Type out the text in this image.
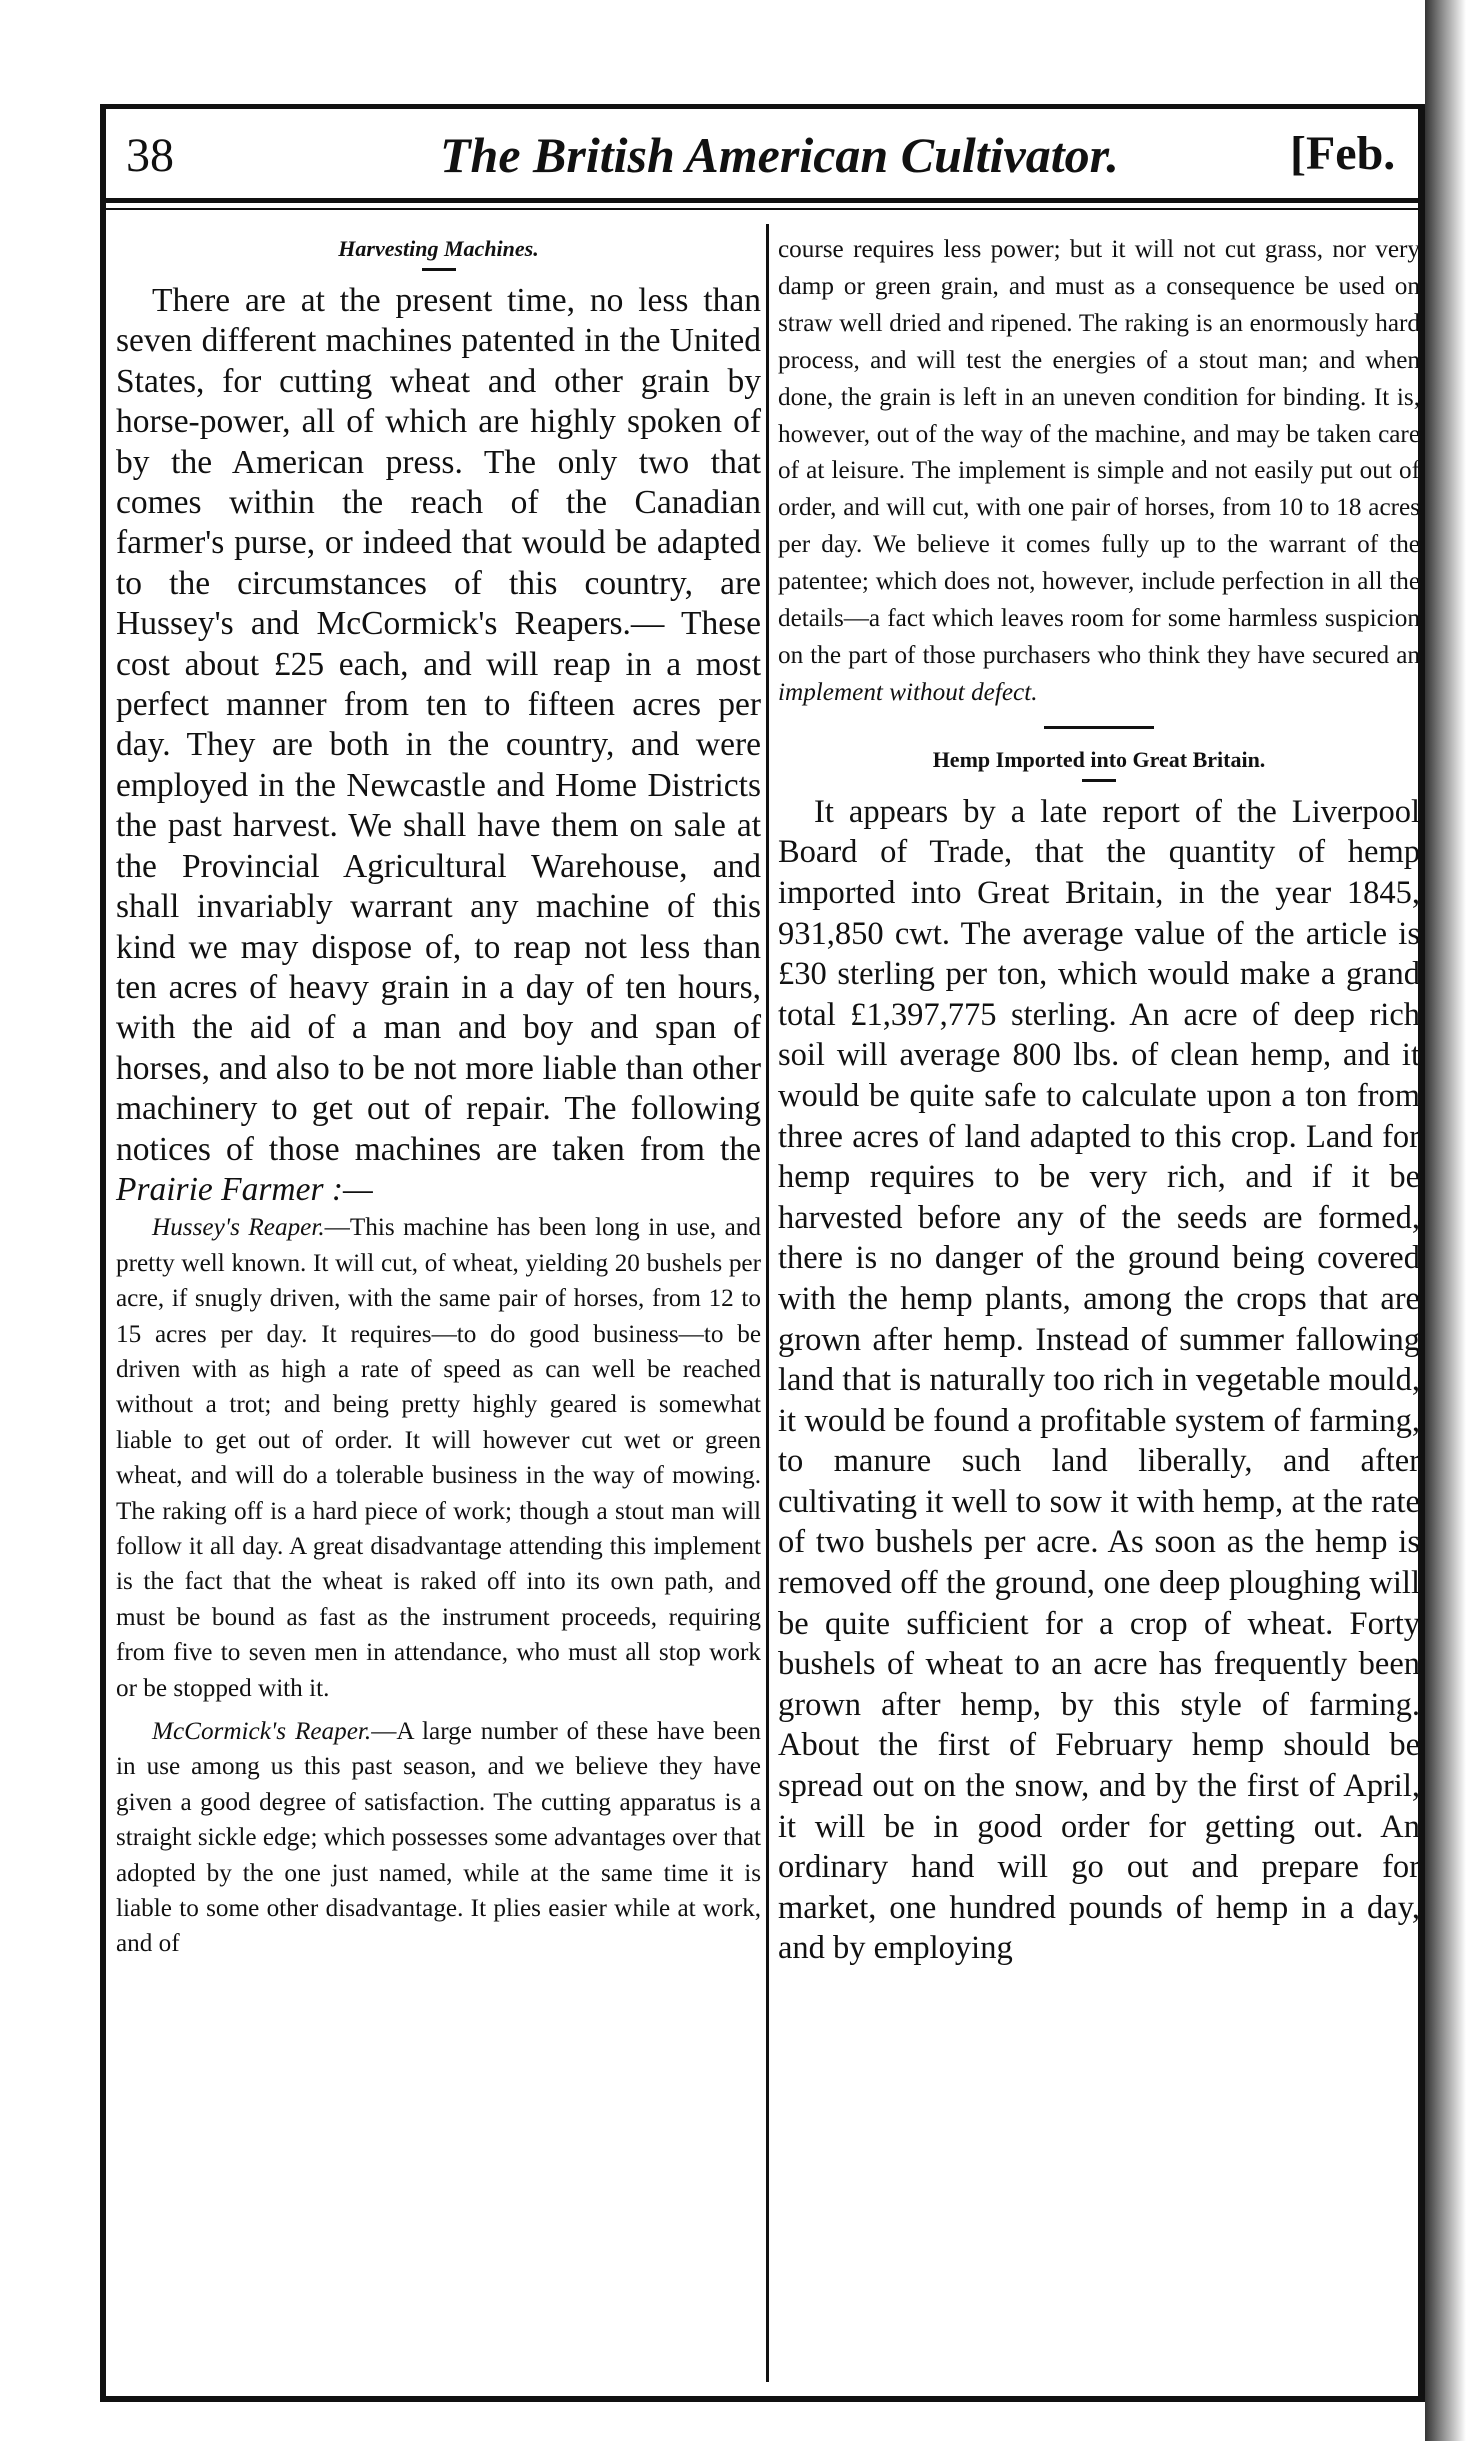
38	The British American Cultivator.	[Feb.
Harvesting Machines.

There are at the present time, no less than seven different machines patented in the United States, for cutting wheat and other grain by horse-power, all of which are highly spoken of by the American press. The only two that comes within the reach of the Canadian farmer's purse, or indeed that would be adapted to the circumstances of this country, are Hussey's and McCormick's Reapers.— These cost about £25 each, and will reap in a most perfect manner from ten to fifteen acres per day. They are both in the country, and were employed in the Newcastle and Home Districts the past harvest. We shall have them on sale at the Provincial Agricultural Warehouse, and shall invariably warrant any machine of this kind we may dispose of, to reap not less than ten acres of heavy grain in a day of ten hours, with the aid of a man and boy and span of horses, and also to be not more liable than other machinery to get out of repair. The following notices of those machines are taken from the Prairie Farmer :—

Hussey's Reaper.—This machine has been long in use, and pretty well known. It will cut, of wheat, yielding 20 bushels per acre, if snugly driven, with the same pair of horses, from 12 to 15 acres per day. It requires—to do good business—to be driven with as high a rate of speed as can well be reached without a trot; and being pretty highly geared is somewhat liable to get out of order. It will however cut wet or green wheat, and will do a tolerable business in the way of mowing. The raking off is a hard piece of work; though a stout man will follow it all day. A great disadvantage attending this implement is the fact that the wheat is raked off into its own path, and must be bound as fast as the instrument proceeds, requiring from five to seven men in attendance, who must all stop work or be stopped with it.

McCormick's Reaper.—A large number of these have been in use among us this past season, and we believe they have given a good degree of satisfaction. The cutting apparatus is a straight sickle edge; which possesses some advantages over that adopted by the one just named, while at the same time it is liable to some other disadvantage. It plies easier while at work, and of

course requires less power; but it will not cut grass, nor very damp or green grain, and must as a consequence be used on straw well dried and ripened. The raking is an enormously hard process, and will test the energies of a stout man; and when done, the grain is left in an uneven condition for binding. It is, however, out of the way of the machine, and may be taken care of at leisure. The implement is simple and not easily put out of order, and will cut, with one pair of horses, from 10 to 18 acres per day. We believe it comes fully up to the warrant of the patentee; which does not, however, include perfection in all the details—a fact which leaves room for some harmless suspicion on the part of those purchasers who think they have secured an implement without defect.

Hemp Imported into Great Britain.

It appears by a late report of the Liverpool Board of Trade, that the quantity of hemp imported into Great Britain, in the year 1845, 931,850 cwt. The average value of the article is £30 sterling per ton, which would make a grand total £1,397,775 sterling. An acre of deep rich soil will average 800 lbs. of clean hemp, and it would be quite safe to calculate upon a ton from three acres of land adapted to this crop. Land for hemp requires to be very rich, and if it be harvested before any of the seeds are formed, there is no danger of the ground being covered with the hemp plants, among the crops that are grown after hemp. Instead of summer fallowing land that is naturally too rich in vegetable mould, it would be found a profitable system of farming, to manure such land liberally, and after cultivating it well to sow it with hemp, at the rate of two bushels per acre. As soon as the hemp is removed off the ground, one deep ploughing will be quite sufficient for a crop of wheat. Forty bushels of wheat to an acre has frequently been grown after hemp, by this style of farming. About the first of February hemp should be spread out on the snow, and by the first of April, it will be in good order for getting out. An ordinary hand will go out and prepare for market, one hundred pounds of hemp in a day, and by employing
